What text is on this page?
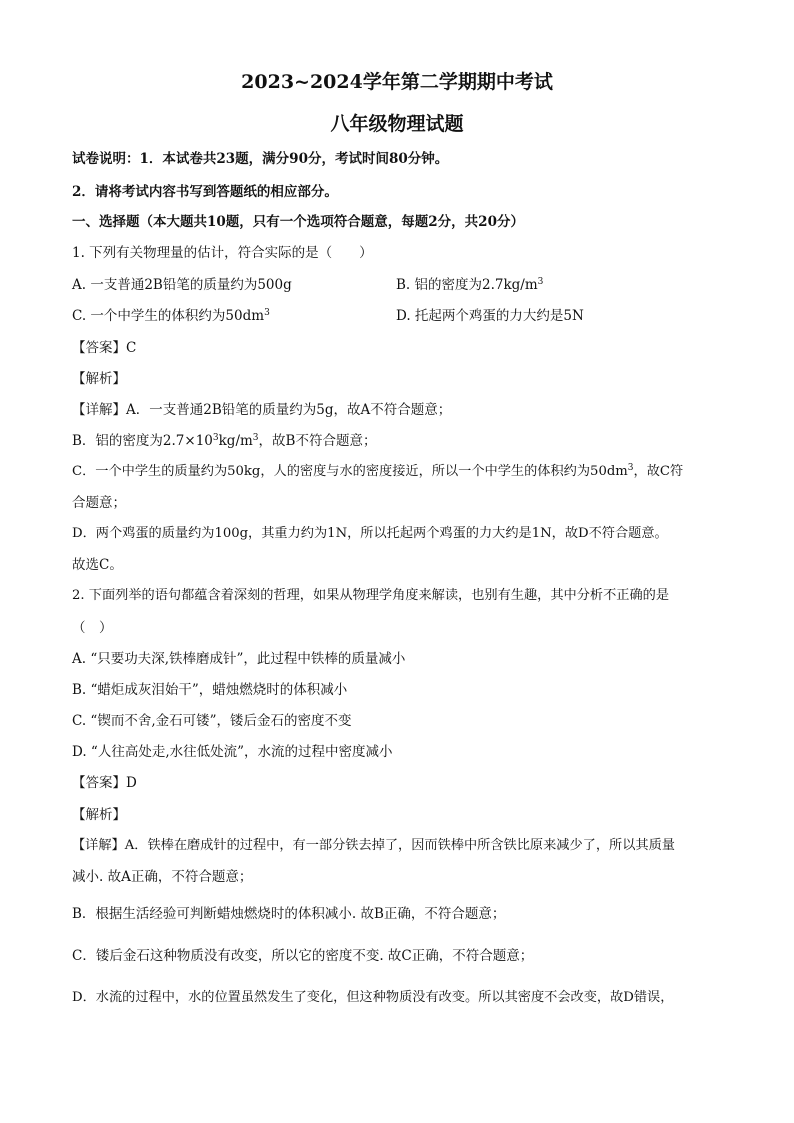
2023~2024学年第二学期期中考试
八年级物理试题
试卷说明：1．本试卷共23题，满分90分，考试时间80分钟。
2．请将考试内容书写到答题纸的相应部分。
一、选择题（本大题共10题，只有一个选项符合题意，每题2分，共20分）
1. 下列有关物理量的估计，符合实际的是（　　）
A. 一支普通2B铅笔的质量约为500g	B. 铝的密度为$2.7kg/m^3$
C. 一个中学生的体积约为$50dm^3$	D. 托起两个鸡蛋的力大约是5N
【答案】C
【解析】
【详解】A．一支普通2B铅笔的质量约为5g，故A不符合题意；
B．铝的密度为$2.7\times 10^3kg/m^3$，故B不符合题意；
C．一个中学生的质量约为50kg，人的密度与水的密度接近，所以一个中学生的体积约为$50dm^3$，故C符
合题意；
D．两个鸡蛋的质量约为100g，其重力约为1N，所以托起两个鸡蛋的力大约是1N，故D不符合题意。
故选C。
2. 下面列举的语句都蕴含着深刻的哲理，如果从物理学角度来解读，也别有生趣，其中分析不正确的是
（　）
A. “只要功夫深,铁棒磨成针”，此过程中铁棒的质量减小
B. “蜡炬成灰泪始干”，蜡烛燃烧时的体积减小
C. “锲而不舍,金石可镂”，镂后金石的密度不变
D. “人往高处走,水往低处流”，水流的过程中密度减小
【答案】D
【解析】
【详解】A．铁棒在磨成针的过程中，有一部分铁去掉了，因而铁棒中所含铁比原来减少了，所以其质量
减小. 故A正确，不符合题意；
B．根据生活经验可判断蜡烛燃烧时的体积减小. 故B正确，不符合题意；
C．镂后金石这种物质没有改变，所以它的密度不变. 故C正确，不符合题意；
D．水流的过程中，水的位置虽然发生了变化，但这种物质没有改变。所以其密度不会改变，故D错误，
